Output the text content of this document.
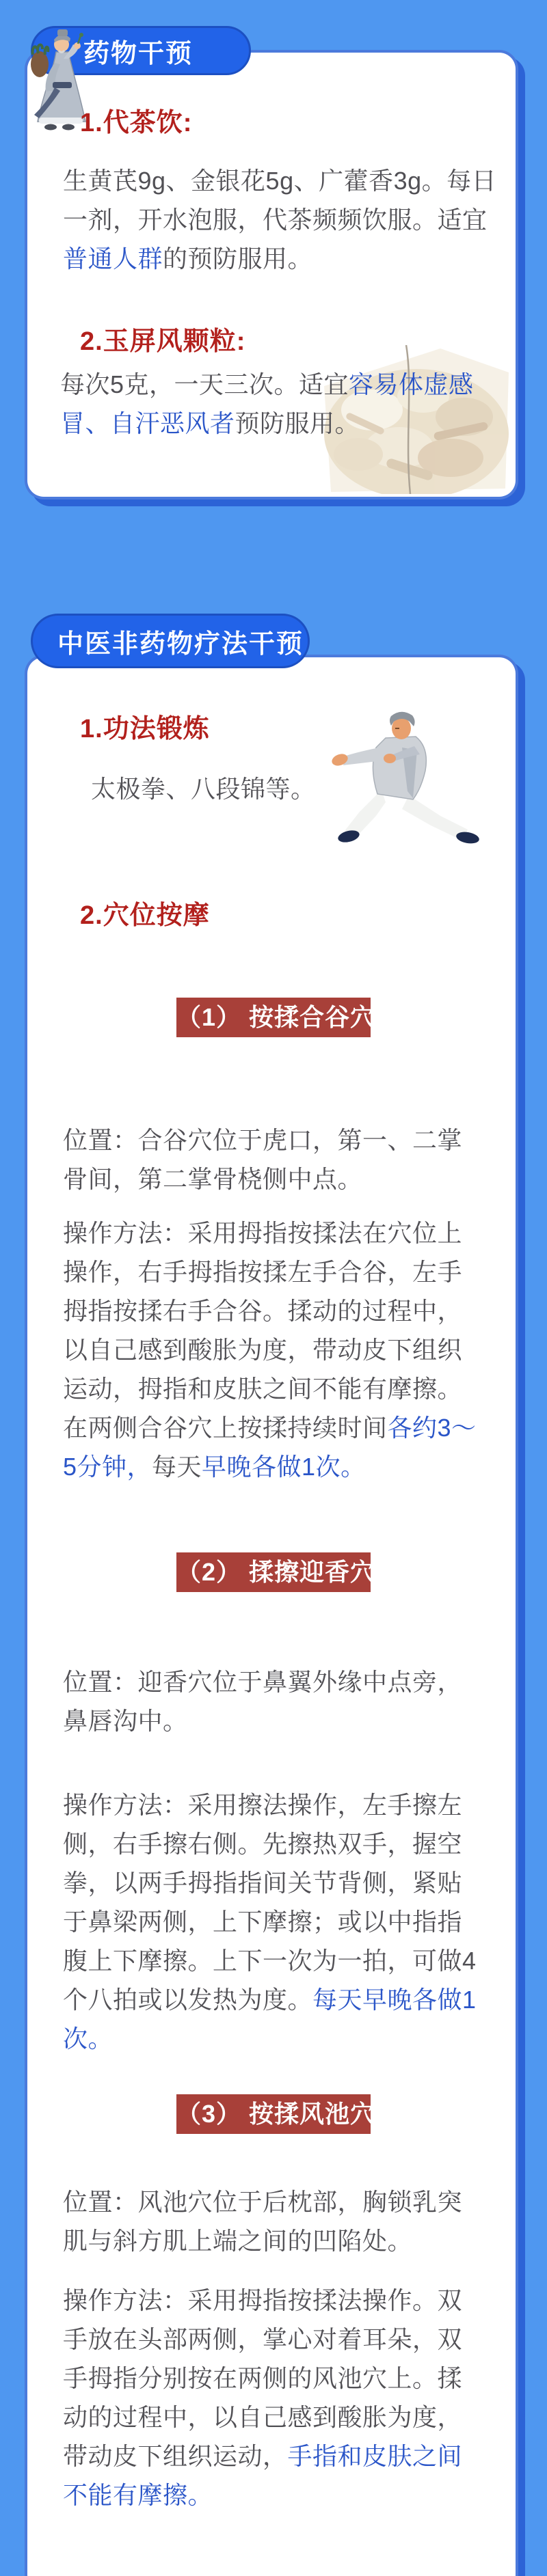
药物干预
1.代茶饮:
生黄芪9g、金银花5g、广藿香3g。每日
一剂，开水泡服，代茶频频饮服。适宜
普通人群的预防服用。
2.玉屏风颗粒:
每次5克，一天三次。适宜容易体虚感
冒、自汗恶风者预防服用。
中医非药物疗法干预
1.功法锻炼
太极拳、八段锦等。
2.穴位按摩
（1） 按揉合谷穴
位置：合谷穴位于虎口，第一、二掌
骨间，第二掌骨桡侧中点。
操作方法：采用拇指按揉法在穴位上
操作，右手拇指按揉左手合谷，左手
拇指按揉右手合谷。揉动的过程中，
以自己感到酸胀为度，带动皮下组织
运动，拇指和皮肤之间不能有摩擦。
在两侧合谷穴上按揉持续时间各约3～
5分钟，每天早晚各做1次。
（2） 揉擦迎香穴
位置：迎香穴位于鼻翼外缘中点旁，
鼻唇沟中。
操作方法：采用擦法操作，左手擦左
侧，右手擦右侧。先擦热双手，握空
拳，以两手拇指指间关节背侧，紧贴
于鼻梁两侧，上下摩擦；或以中指指
腹上下摩擦。上下一次为一拍，可做4
个八拍或以发热为度。每天早晚各做1
次。
（3） 按揉风池穴
位置：风池穴位于后枕部，胸锁乳突
肌与斜方肌上端之间的凹陷处。
操作方法：采用拇指按揉法操作。双
手放在头部两侧，掌心对着耳朵，双
手拇指分别按在两侧的风池穴上。揉
动的过程中，以自己感到酸胀为度，
带动皮下组织运动，手指和皮肤之间
不能有摩擦。
